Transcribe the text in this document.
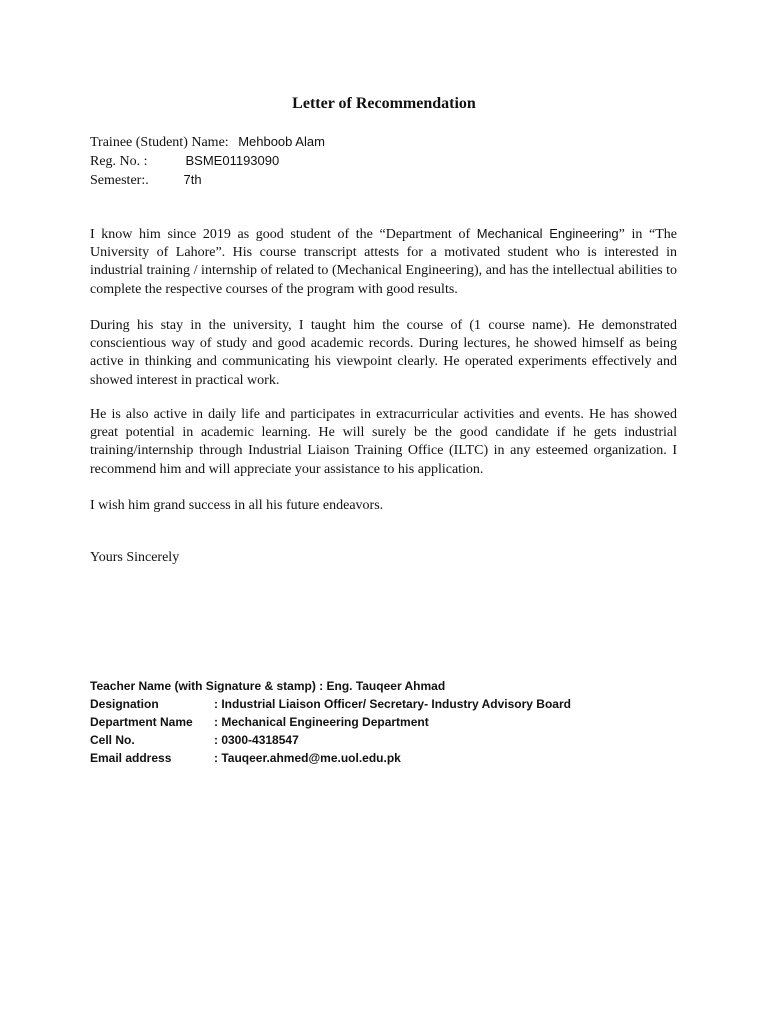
Letter of Recommendation
Trainee (Student) Name: Mehboob Alam
Reg. No. :	BSME01193090
Semester:.	7th

I know him since 2019 as good student of the “Department of Mechanical Engineering” in “The University of Lahore”. His course transcript attests for a motivated student who is interested in industrial training / internship of related to (Mechanical Engineering), and has the intellectual abilities to complete the respective courses of the program with good results.

During his stay in the university, I taught him the course of (1 course name). He demonstrated conscientious way of study and good academic records. During lectures, he showed himself as being active in thinking and communicating his viewpoint clearly. He operated experiments effectively and showed interest in practical work.

He is also active in daily life and participates in extracurricular activities and events. He has showed great potential in academic learning. He will surely be the good candidate if he gets industrial training/internship through Industrial Liaison Training Office (ILTC) in any esteemed organization. I recommend him and will appreciate your assistance to his application.

I wish him grand success in all his future endeavors.

Yours Sincerely
Teacher Name (with Signature & stamp) : Eng. Tauqeer Ahmad
Designation	: Industrial Liaison Officer/ Secretary- Industry Advisory Board
Department Name : Mechanical Engineering Department
Cell No.	: 0300-4318547
Email address	: Tauqeer.ahmed@me.uol.edu.pk
